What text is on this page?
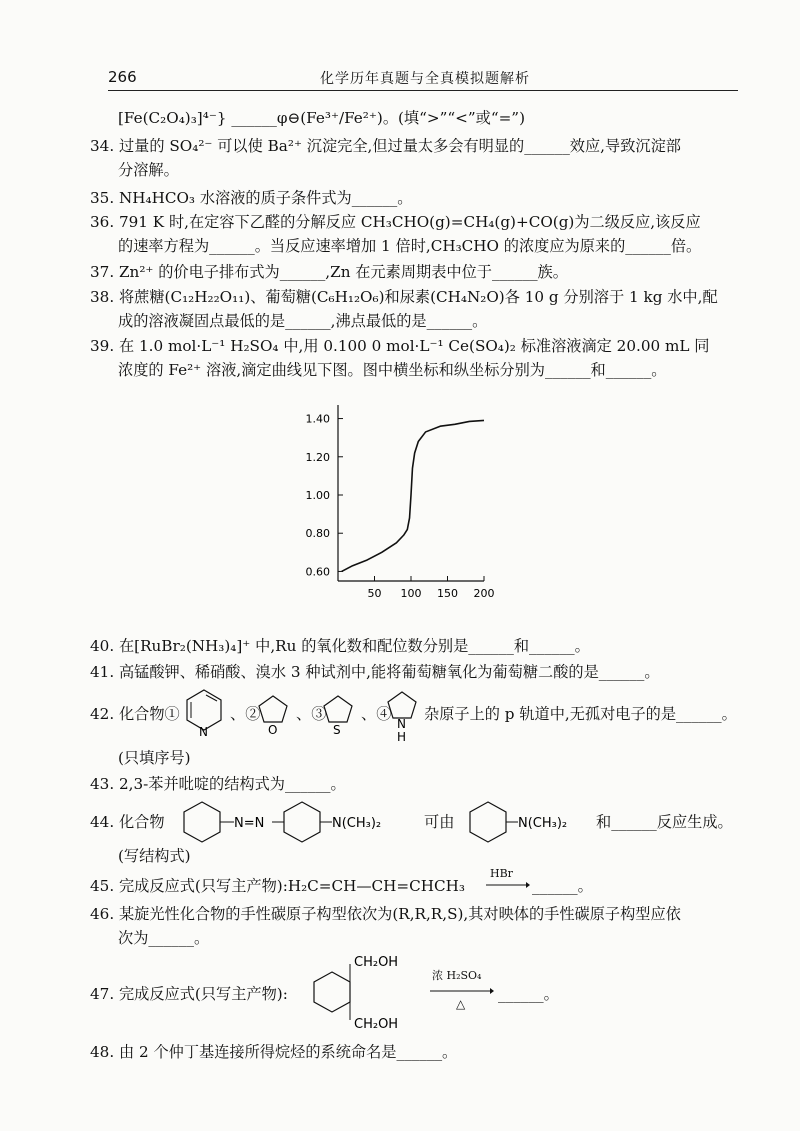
266	化学历年真题与全真模拟题解析
[Fe(C₂O₄)₃]⁴⁻} ______φ⊖(Fe³⁺/Fe²⁺)。(填“>”“<”或“=”)
34. 过量的 SO₄²⁻ 可以使 Ba²⁺ 沉淀完全,但过量太多会有明显的______效应,导致沉淀部
分溶解。
35. NH₄HCO₃ 水溶液的质子条件式为______。
36. 791 K 时,在定容下乙醛的分解反应 CH₃CHO(g)=CH₄(g)+CO(g)为二级反应,该反应
的速率方程为______。当反应速率增加 1 倍时,CH₃CHO 的浓度应为原来的______倍。
37. Zn²⁺ 的价电子排布式为______,Zn 在元素周期表中位于______族。
38. 将蔗糖(C₁₂H₂₂O₁₁)、葡萄糖(C₆H₁₂O₆)和尿素(CH₄N₂O)各 10 g 分别溶于 1 kg 水中,配
成的溶液凝固点最低的是______,沸点最低的是______。
39. 在 1.0 mol·L⁻¹ H₂SO₄ 中,用 0.100 0 mol·L⁻¹ Ce(SO₄)₂ 标准溶液滴定 20.00 mL 同
浓度的 Fe²⁺ 溶液,滴定曲线见下图。图中横坐标和纵坐标分别为______和______。
0.60
0.80
1.00
1.20
1.40
50 100 150 200
40. 在[RuBr₂(NH₃)₄]⁺ 中,Ru 的氧化数和配位数分别是______和______。
41. 高锰酸钾、稀硝酸、溴水 3 种试剂中,能将葡萄糖氧化为葡萄糖二酸的是______。
42. 化合物①
N
、②
O
、③
S
、④
N
H
杂原子上的 p 轨道中,无孤对电子的是______。
(只填序号)
43. 2,3-苯并吡啶的结构式为______。
44. 化合物	N=N	N(CH₃)₂	可由	N(CH₃)₂ 和______反应生成。
(写结构式)
45. 完成反应式(只写主产物):H₂C=CH—CH=CHCH₃
HBr
______。
46. 某旋光性化合物的手性碳原子构型依次为(R,R,R,S),其对映体的手性碳原子构型应依
次为______。
47. 完成反应式(只写主产物):
CH₂OH
CH₂OH
浓 H₂SO₄
△
______。
48. 由 2 个仲丁基连接所得烷烃的系统命名是______。
